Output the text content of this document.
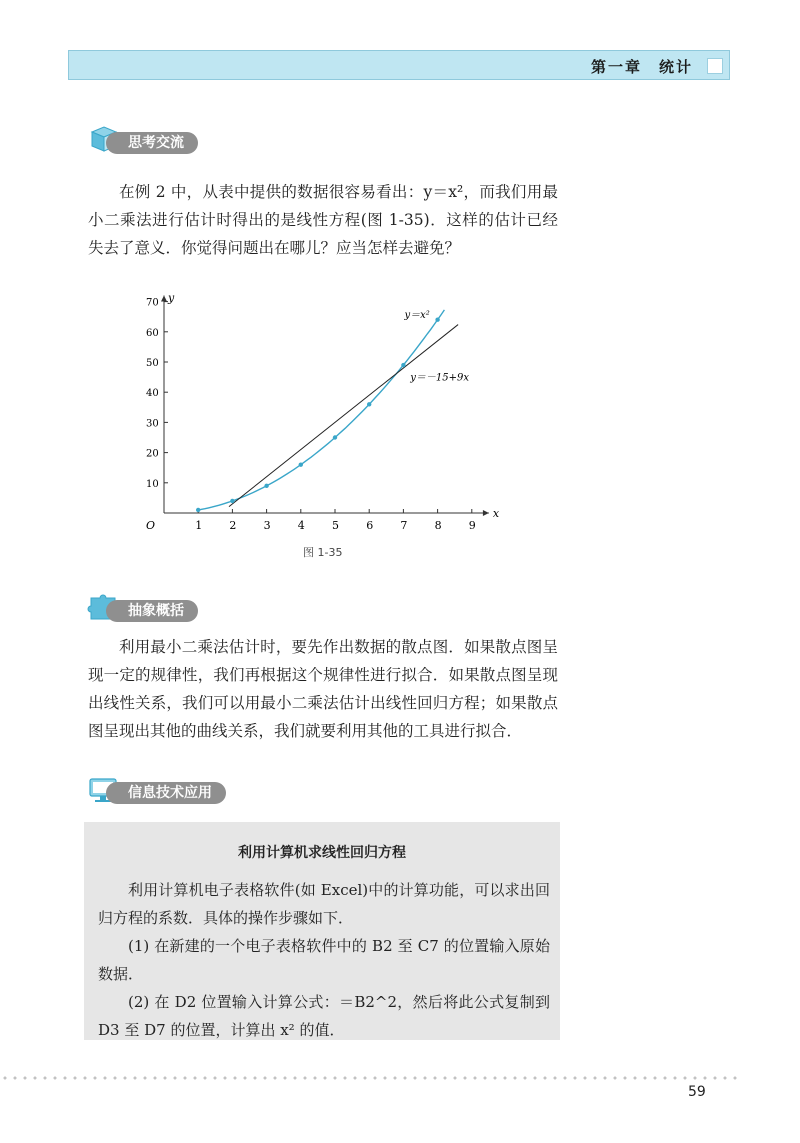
第一章　统计
思考交流
在例 2 中，从表中提供的数据很容易看出：y＝x²，而我们用最小二乘法进行估计时得出的是线性方程(图 1-35)．这样的估计已经失去了意义．你觉得问题出在哪儿？应当怎样去避免？
x
y
O	1 2 3 4 5 6 7 8 9
10
20
30
40
50
60
70
y＝x²
y＝－15+9x
图 1-35
抽象概括
利用最小二乘法估计时，要先作出数据的散点图．如果散点图呈现一定的规律性，我们再根据这个规律性进行拟合．如果散点图呈现出线性关系，我们可以用最小二乘法估计出线性回归方程；如果散点图呈现出其他的曲线关系，我们就要利用其他的工具进行拟合．
信息技术应用
利用计算机求线性回归方程
利用计算机电子表格软件(如 Excel)中的计算功能，可以求出回归方程的系数．具体的操作步骤如下．
(1) 在新建的一个电子表格软件中的 B2 至 C7 的位置输入原始数据．
(2) 在 D2 位置输入计算公式：＝B2^2，然后将此公式复制到 D3 至 D7 的位置，计算出 x² 的值．
59
